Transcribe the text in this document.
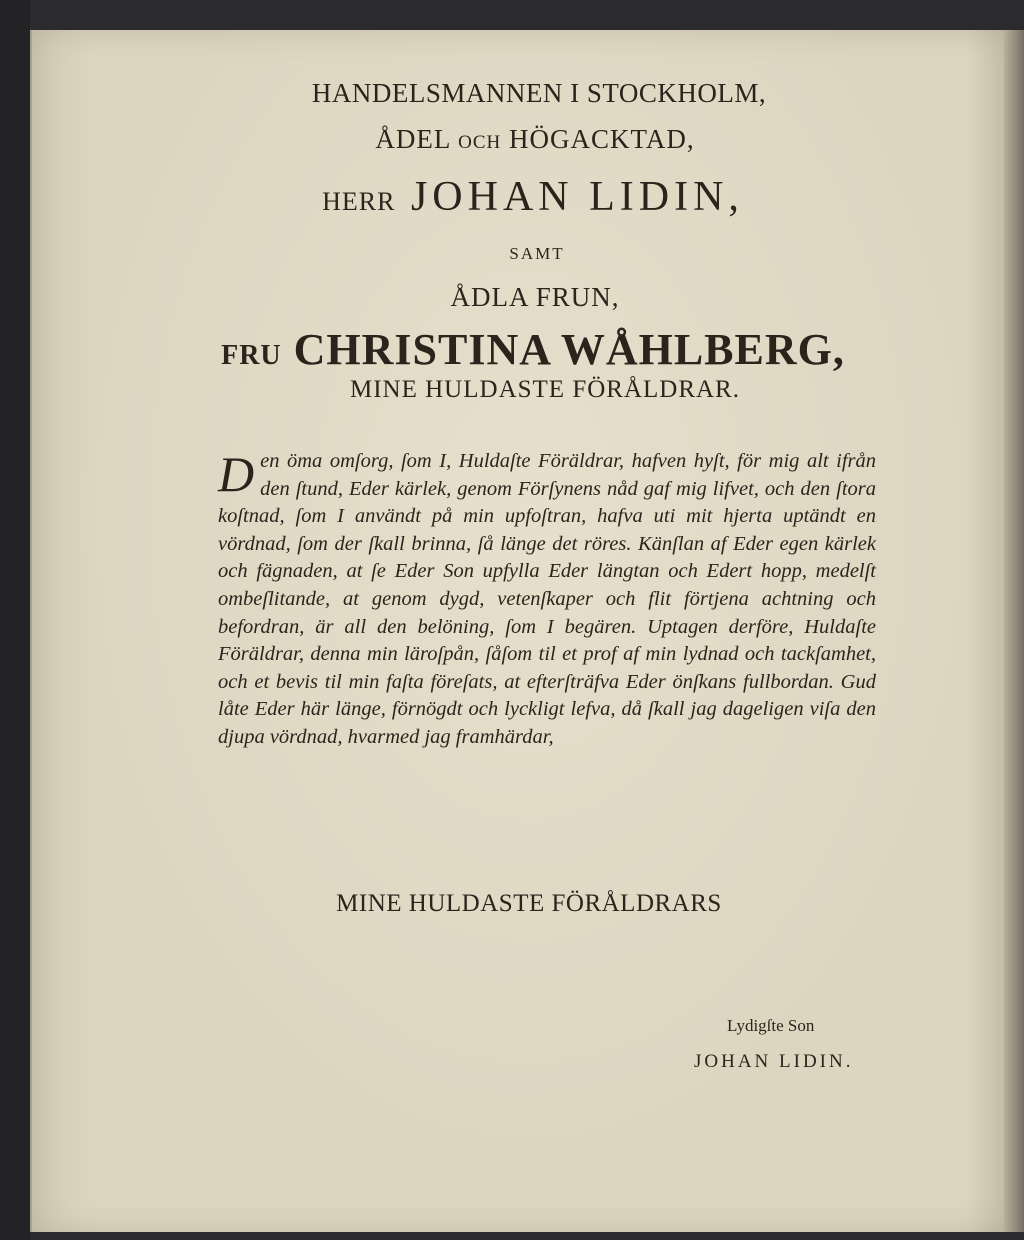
HANDELSMANNEN I STOCKHOLM,
ÅDEL OCH HÖGACKTAD,
HERR JOHAN LIDIN,
SAMT
ÅDLA FRUN,
FRU CHRISTINA WÅHLBERG,
MINE HULDASTE FÖRÅLDRAR.
D en öma omſorg, ſom I, Huldaſte Föräldrar, hafven hyſt, för mig alt ifrån den ſtund, Eder kärlek, genom Förſynens nåd gaf mig lifvet, och den ſtora koſtnad, ſom I användt på min upfoſtran, hafva uti mit hjerta uptändt en vördnad, ſom der ſkall brinna, ſå länge det röres. Känſlan af Eder egen kärlek och fägnaden, at ſe Eder Son upfylla Eder längtan och Edert hopp, medelſt ombeſlitande, at genom dygd, vetenſkaper och flit förtjena achtning och befordran, är all den belöning, ſom I begären. Uptagen derföre, Huldaſte Föräldrar, denna min läroſpån, ſåſom til et prof af min lydnad och tackſamhet, och et bevis til min faſta föreſats, at efterſträfva Eder önſkans fullbordan. Gud låte Eder här länge, förnögdt och lyckligt lefva, då ſkall jag dageligen viſa den djupa vördnad, hvarmed jag framhärdar,
MINE HULDASTE FÖRÅLDRARS
Lydigſte Son
JOHAN LIDIN.
